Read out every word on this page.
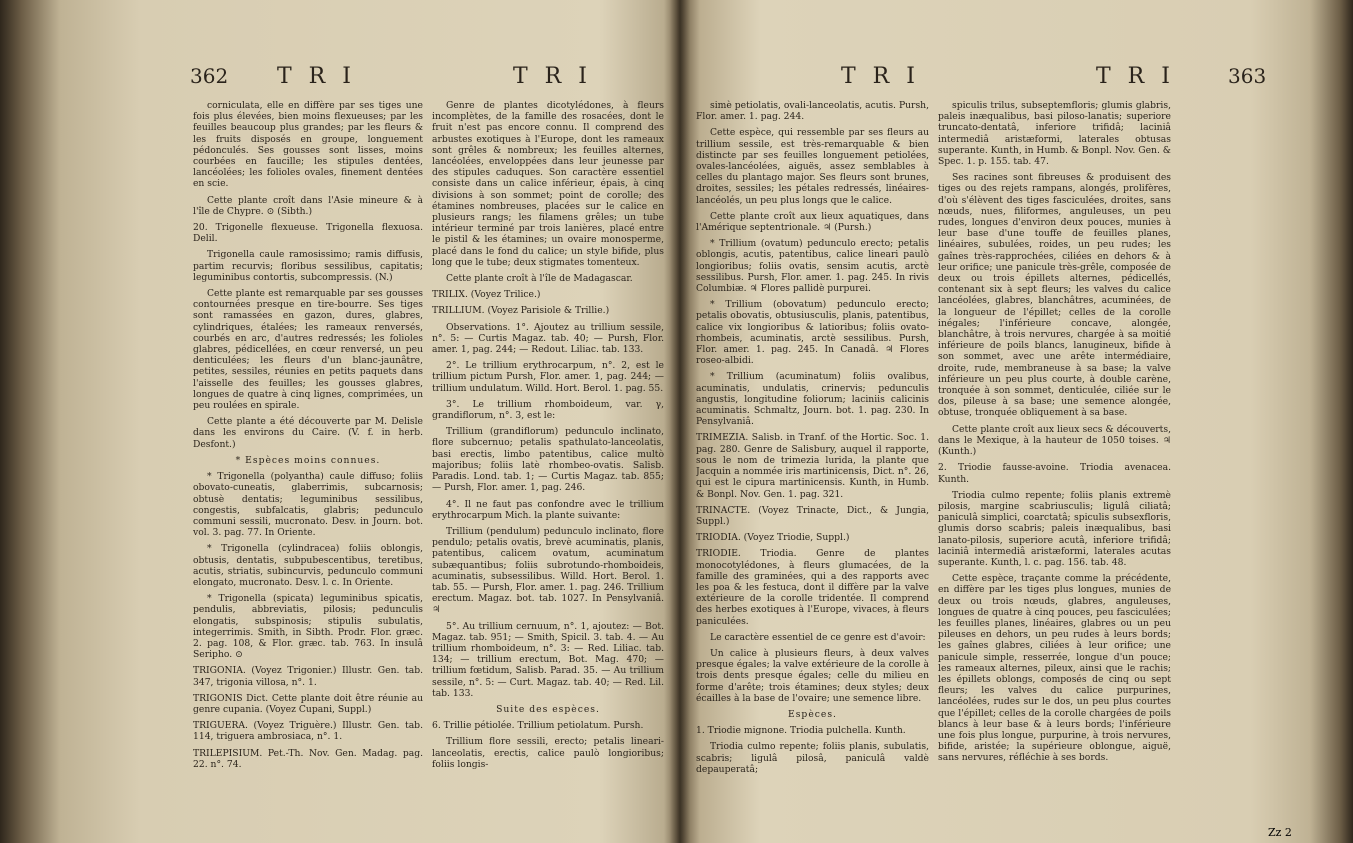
362 T R I	T R I

corniculata, elle en diffère par ses tiges une fois plus élevées, bien moins flexueuses; par les feuilles beaucoup plus grandes; par les fleurs & les fruits disposés en groupe, longuement pédonculés. Ses gousses sont lisses, moins courbées en faucille; les stipules dentées, lancéolées; les folioles ovales, finement dentées en scie.

Cette plante croît dans l'Asie mineure & à l'île de Chypre. ⊙ (Sibth.)

20. Trigonelle flexueuse. Trigonella flexuosa. Delil.

Trigonella caule ramosissimo; ramis diffusis, partim recurvis; floribus sessilibus, capitatis; leguminibus contortis, subcompressis. (N.)

Cette plante est remarquable par ses gousses contournées presque en tire-bourre. Ses tiges sont ramassées en gazon, dures, glabres, cylindriques, étalées; les rameaux renversés, courbés en arc, d'autres redressés; les folioles glabres, pédicellées, en cœur renversé, un peu denticulées; les fleurs d'un blanc-jaunâtre, petites, sessiles, réunies en petits paquets dans l'aisselle des feuilles; les gousses glabres, longues de quatre à cinq lignes, comprimées, un peu roulées en spirale.

Cette plante a été découverte par M. Delisle dans les environs du Caire. (V. f. in herb. Desfont.)

* Espèces moins connues.

* Trigonella (polyantha) caule diffuso; foliis obovato-cuneatis, glaberrimis, subcarnosis; obtusè dentatis; leguminibus sessilibus, congestis, subfalcatis, glabris; pedunculo communi sessili, mucronato. Desv. in Journ. bot. vol. 3. pag. 77. In Oriente.

* Trigonella (cylindracea) foliis oblongis, obtusis, dentatis, subpubescentibus, teretibus, acutis, striatis, subincurvis, pedunculo communi elongato, mucronato. Desv. l. c. In Oriente.

* Trigonella (spicata) leguminibus spicatis, pendulis, abbreviatis, pilosis; pedunculis elongatis, subspinosis; stipulis subulatis, integerrimis. Smith, in Sibth. Prodr. Flor. græc. 2. pag. 108, & Flor. græc. tab. 763. In insulâ Seripho. ⊙

TRIGONIA. (Voyez Trigonier.) Illustr. Gen. tab. 347, trigonia villosa, n°. 1.

TRIGONIS Dict. Cette plante doit être réunie au genre cupania. (Voyez Cupani, Suppl.)

TRIGUERA. (Voyez Triguère.) Illustr. Gen. tab. 114, triguera ambrosiaca, n°. 1.

TRILEPISIUM. Pet.-Th. Nov. Gen. Madag. pag. 22. n°. 74.

Genre de plantes dicotylédones, à fleurs incomplètes, de la famille des rosacées, dont le fruit n'est pas encore connu. Il comprend des arbustes exotiques à l'Europe, dont les rameaux sont grêles & nombreux; les feuilles alternes, lancéolées, enveloppées dans leur jeunesse par des stipules caduques. Son caractère essentiel consiste dans un calice inférieur, épais, à cinq divisions à son sommet; point de corolle; des étamines nombreuses, placées sur le calice en plusieurs rangs; les filamens grêles; un tube intérieur terminé par trois lanières, placé entre le pistil & les étamines; un ovaire monosperme, placé dans le fond du calice; un style bifide, plus long que le tube; deux stigmates tomenteux.

Cette plante croît à l'île de Madagascar.

TRILIX. (Voyez Trilice.)

TRILLIUM. (Voyez Parisiole & Trillie.)

Observations. 1°. Ajoutez au trillium sessile, n°. 5: — Curtis Magaz. tab. 40; — Pursh, Flor. amer. 1, pag. 244; — Redout. Liliac. tab. 133.

2°. Le trillium erythrocarpum, n°. 2, est le trillium pictum Pursh, Flor. amer. 1, pag. 244; — trillium undulatum. Willd. Hort. Berol. 1. pag. 55.

3°. Le trillium rhomboideum, var. γ, grandiflorum, n°. 3, est le:

Trillium (grandiflorum) pedunculo inclinato, flore subcernuo; petalis spathulato-lanceolatis, basi erectis, limbo patentibus, calice multò majoribus; foliis latè rhombeo-ovatis. Salisb. Paradis. Lond. tab. 1; — Curtis Magaz. tab. 855; — Pursh, Flor. amer. 1, pag. 246.

4°. Il ne faut pas confondre avec le trillium erythrocarpum Mich. la plante suivante:

Trillium (pendulum) pedunculo inclinato, flore pendulo; petalis ovatis, brevè acuminatis, planis, patentibus, calicem ovatum, acuminatum subæquantibus; foliis subrotundo-rhomboideis, acuminatis, subsessilibus. Willd. Hort. Berol. 1. tab. 55. — Pursh, Flor. amer. 1. pag. 246. Trillium erectum. Magaz. bot. tab. 1027. In Pensylvaniâ. ♃

5°. Au trillium cernuum, n°. 1, ajoutez: — Bot. Magaz. tab. 951; — Smith, Spicil. 3. tab. 4. — Au trillium rhomboideum, n°. 3: — Red. Liliac. tab. 134; — trillium erectum, Bot. Mag. 470; — trillium fœtidum, Salisb. Parad. 35. — Au trillium sessile, n°. 5: — Curt. Magaz. tab. 40; — Red. Lil. tab. 133.

Suite des espèces.

6. Trillie pétiolée. Trillium petiolatum. Pursh.

Trillium flore sessili, erecto; petalis lineari-lanceolatis, erectis, calice paulò longioribus; foliis longis-

T R I	T R I	363

simè petiolatis, ovali-lanceolatis, acutis. Pursh, Flor. amer. 1. pag. 244.

Cette espèce, qui ressemble par ses fleurs au trillium sessile, est très-remarquable & bien distincte par ses feuilles longuement petiolées, ovales-lancéolées, aiguës, assez semblables à celles du plantago major. Ses fleurs sont brunes, droites, sessiles; les pétales redressés, linéaires-lancéolés, un peu plus longs que le calice.

Cette plante croît aux lieux aquatiques, dans l'Amérique septentrionale. ♃ (Pursh.)

* Trillium (ovatum) pedunculo erecto; petalis oblongis, acutis, patentibus, calice lineari paulò longioribus; foliis ovatis, sensim acutis, arctè sessilibus. Pursh, Flor. amer. 1. pag. 245. In rivis Columbiæ. ♃ Flores pallidè purpurei.

* Trillium (obovatum) pedunculo erecto; petalis obovatis, obtusiusculis, planis, patentibus, calice vix longioribus & latioribus; foliis ovato-rhombeis, acuminatis, arctè sessilibus. Pursh, Flor. amer. 1. pag. 245. In Canadâ. ♃ Flores roseo-albidi.

* Trillium (acuminatum) foliis ovalibus, acuminatis, undulatis, crinervis; pedunculis angustis, longitudine foliorum; laciniis calicinis acuminatis. Schmaltz, Journ. bot. 1. pag. 230. In Pensylvaniâ.

TRIMEZIA. Salisb. in Tranf. of the Hortic. Soc. 1. pag. 280. Genre de Salisbury, auquel il rapporte, sous le nom de trimezia lurida, la plante que Jacquin a nommée iris martinicensis, Dict. n°. 26, qui est le cipura martinicensis. Kunth, in Humb. & Bonpl. Nov. Gen. 1. pag. 321.

TRINACTE. (Voyez Trinacte, Dict., & Jungia, Suppl.)

TRIODIA. (Voyez Triodie, Suppl.)

TRIODIE. Triodia. Genre de plantes monocotylédones, à fleurs glumacées, de la famille des graminées, qui a des rapports avec les poa & les festuca, dont il diffère par la valve extérieure de la corolle tridentée. Il comprend des herbes exotiques à l'Europe, vivaces, à fleurs paniculées.

Le caractère essentiel de ce genre est d'avoir:

Un calice à plusieurs fleurs, à deux valves presque égales; la valve extérieure de la corolle à trois dents presque égales; celle du milieu en forme d'arête; trois étamines; deux styles; deux écailles à la base de l'ovaire; une semence libre.

Espèces.

1. Triodie mignone. Triodia pulchella. Kunth.

Triodia culmo repente; foliis planis, subulatis, scabris; ligulâ pilosâ, paniculâ valdè depauperatâ;

spiculis trilus, subseptemfloris; glumis glabris, paleis inæqualibus, basi piloso-lanatis; superiore truncato-dentatâ, inferiore trifidâ; laciniâ intermediâ aristæformi, laterales obtusas superante. Kunth, in Humb. & Bonpl. Nov. Gen. & Spec. 1. p. 155. tab. 47.

Ses racines sont fibreuses & produisent des tiges ou des rejets rampans, alongés, prolifères, d'où s'élèvent des tiges fasciculées, droites, sans nœuds, nues, filiformes, anguleuses, un peu rudes, longues d'environ deux pouces, munies à leur base d'une touffe de feuilles planes, linéaires, subulées, roides, un peu rudes; les gaînes très-rapprochées, ciliées en dehors & à leur orifice; une panicule très-grêle, composée de deux ou trois épillets alternes, pédicellés, contenant six à sept fleurs; les valves du calice lancéolées, glabres, blanchâtres, acuminées, de la longueur de l'épillet; celles de la corolle inégales; l'inférieure concave, alongée, blanchâtre, à trois nervures, chargée à sa moitié inférieure de poils blancs, lanugineux, bifide à son sommet, avec une arête intermédiaire, droite, rude, membraneuse à sa base; la valve inférieure un peu plus courte, à double carène, tronquée à son sommet, denticulée, ciliée sur le dos, pileuse à sa base; une semence alongée, obtuse, tronquée obliquement à sa base.

Cette plante croît aux lieux secs & découverts, dans le Mexique, à la hauteur de 1050 toises. ♃ (Kunth.)

2. Triodie fausse-avoine. Triodia avenacea. Kunth.

Triodia culmo repente; foliis planis extremè pilosis, margine scabriusculis; ligulâ ciliatâ; paniculâ simplici, coarctatâ; spiculis subsexfloris, glumis dorso scabris; paleis inæqualibus, basi lanato-pilosis, superiore acutâ, inferiore trifidâ; laciniâ intermediâ aristæformi, laterales acutas superante. Kunth, l. c. pag. 156. tab. 48.

Cette espèce, traçante comme la précédente, en diffère par les tiges plus longues, munies de deux ou trois nœuds, glabres, anguleuses, longues de quatre à cinq pouces, peu fasciculées; les feuilles planes, linéaires, glabres ou un peu pileuses en dehors, un peu rudes à leurs bords; les gaînes glabres, ciliées à leur orifice; une panicule simple, resserrée, longue d'un pouce; les rameaux alternes, pileux, ainsi que le rachis; les épillets oblongs, composés de cinq ou sept fleurs; les valves du calice purpurines, lancéolées, rudes sur le dos, un peu plus courtes que l'épillet; celles de la corolle chargées de poils blancs à leur base & à leurs bords; l'inférieure une fois plus longue, purpurine, à trois nervures, bifide, aristée; la supérieure oblongue, aiguë, sans nervures, réfléchie à ses bords.

Zz 2
